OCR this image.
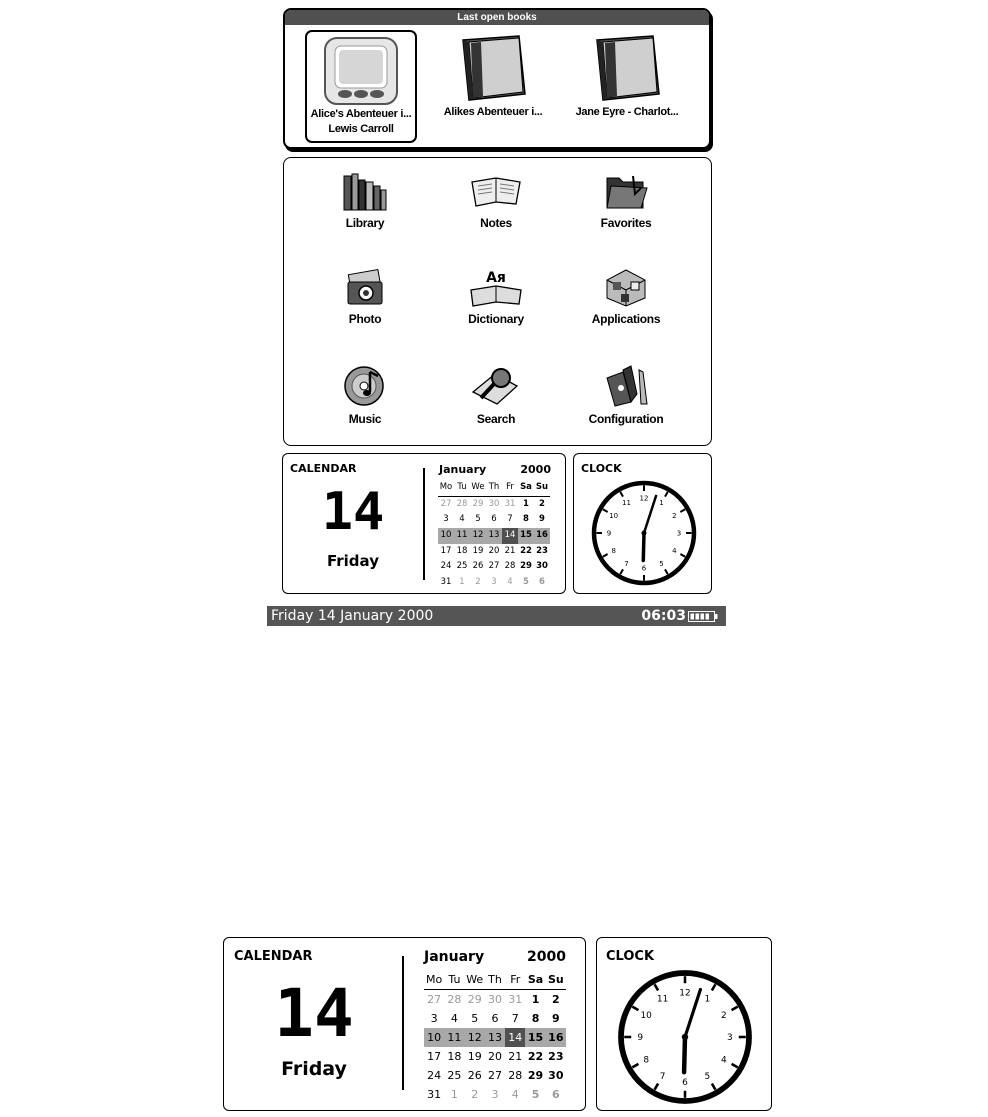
Last open books
Alice's Abenteuer i...
Lewis Carroll
Alikes Abenteuer i...	Jane Eyre - Charlot...
Library	Notes	Favorites
Photo
Ая
Dictionary	Applications
Music	Search	Configuration
CALENDAR
14
Friday
January	2000
Mo Tu We Th Fr Sa Su
27 28 29 30 31 1	2
3	4	5	6	7	8	9
10 11 12 13 14 15 16
17 18 19 20 21 22 23
24 25 26 27 28 29 30
31 1	2	3	4	5	6
CLOCK
12
1
2
3
4
5
6
7
8
9
10
11
Friday 14 January 2000	06:03
CALENDAR
14
Friday
January	2000
Mo Tu We Th Fr Sa Su
27 28 29 30 31 1	2
3	4	5	6	7	8	9
10 11 12 13 14 15 16
17 18 19 20 21 22 23
24 25 26 27 28 29 30
31 1	2	3	4	5	6
CLOCK
12
1
2
3
4
5
6
7
8
9
10
11
